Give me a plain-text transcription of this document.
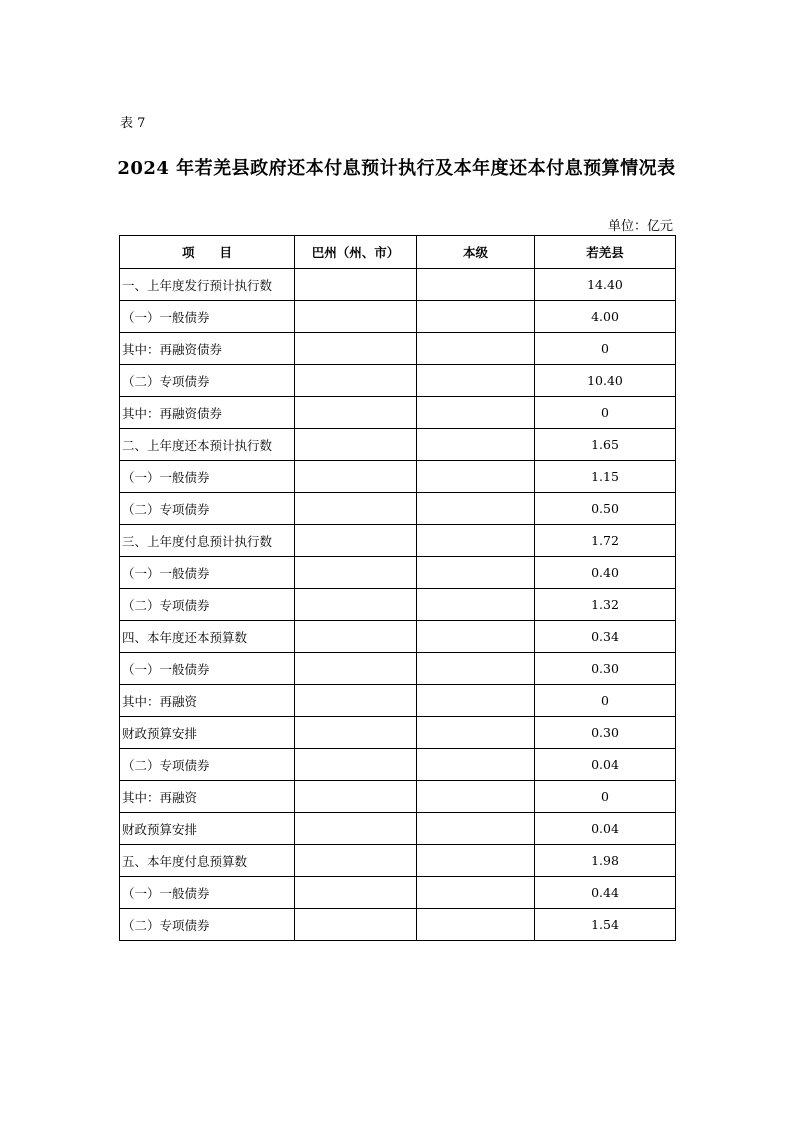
表 7
2024 年若羌县政府还本付息预计执行及本年度还本付息预算情况表
单位：亿元
项　　目	巴州（州、市）	本级	若羌县
一、上年度发行预计执行数			14.40
（一）一般债券			4.00
其中：再融资债券			0
（二）专项债券			10.40
其中：再融资债券			0
二、上年度还本预计执行数			1.65
（一）一般债券			1.15
（二）专项债券			0.50
三、上年度付息预计执行数			1.72
（一）一般债券			0.40
（二）专项债券			1.32
四、本年度还本预算数			0.34
（一）一般债券			0.30
其中：再融资			0
财政预算安排			0.30
（二）专项债券			0.04
其中：再融资			0
财政预算安排			0.04
五、本年度付息预算数			1.98
（一）一般债券			0.44
（二）专项债券			1.54
